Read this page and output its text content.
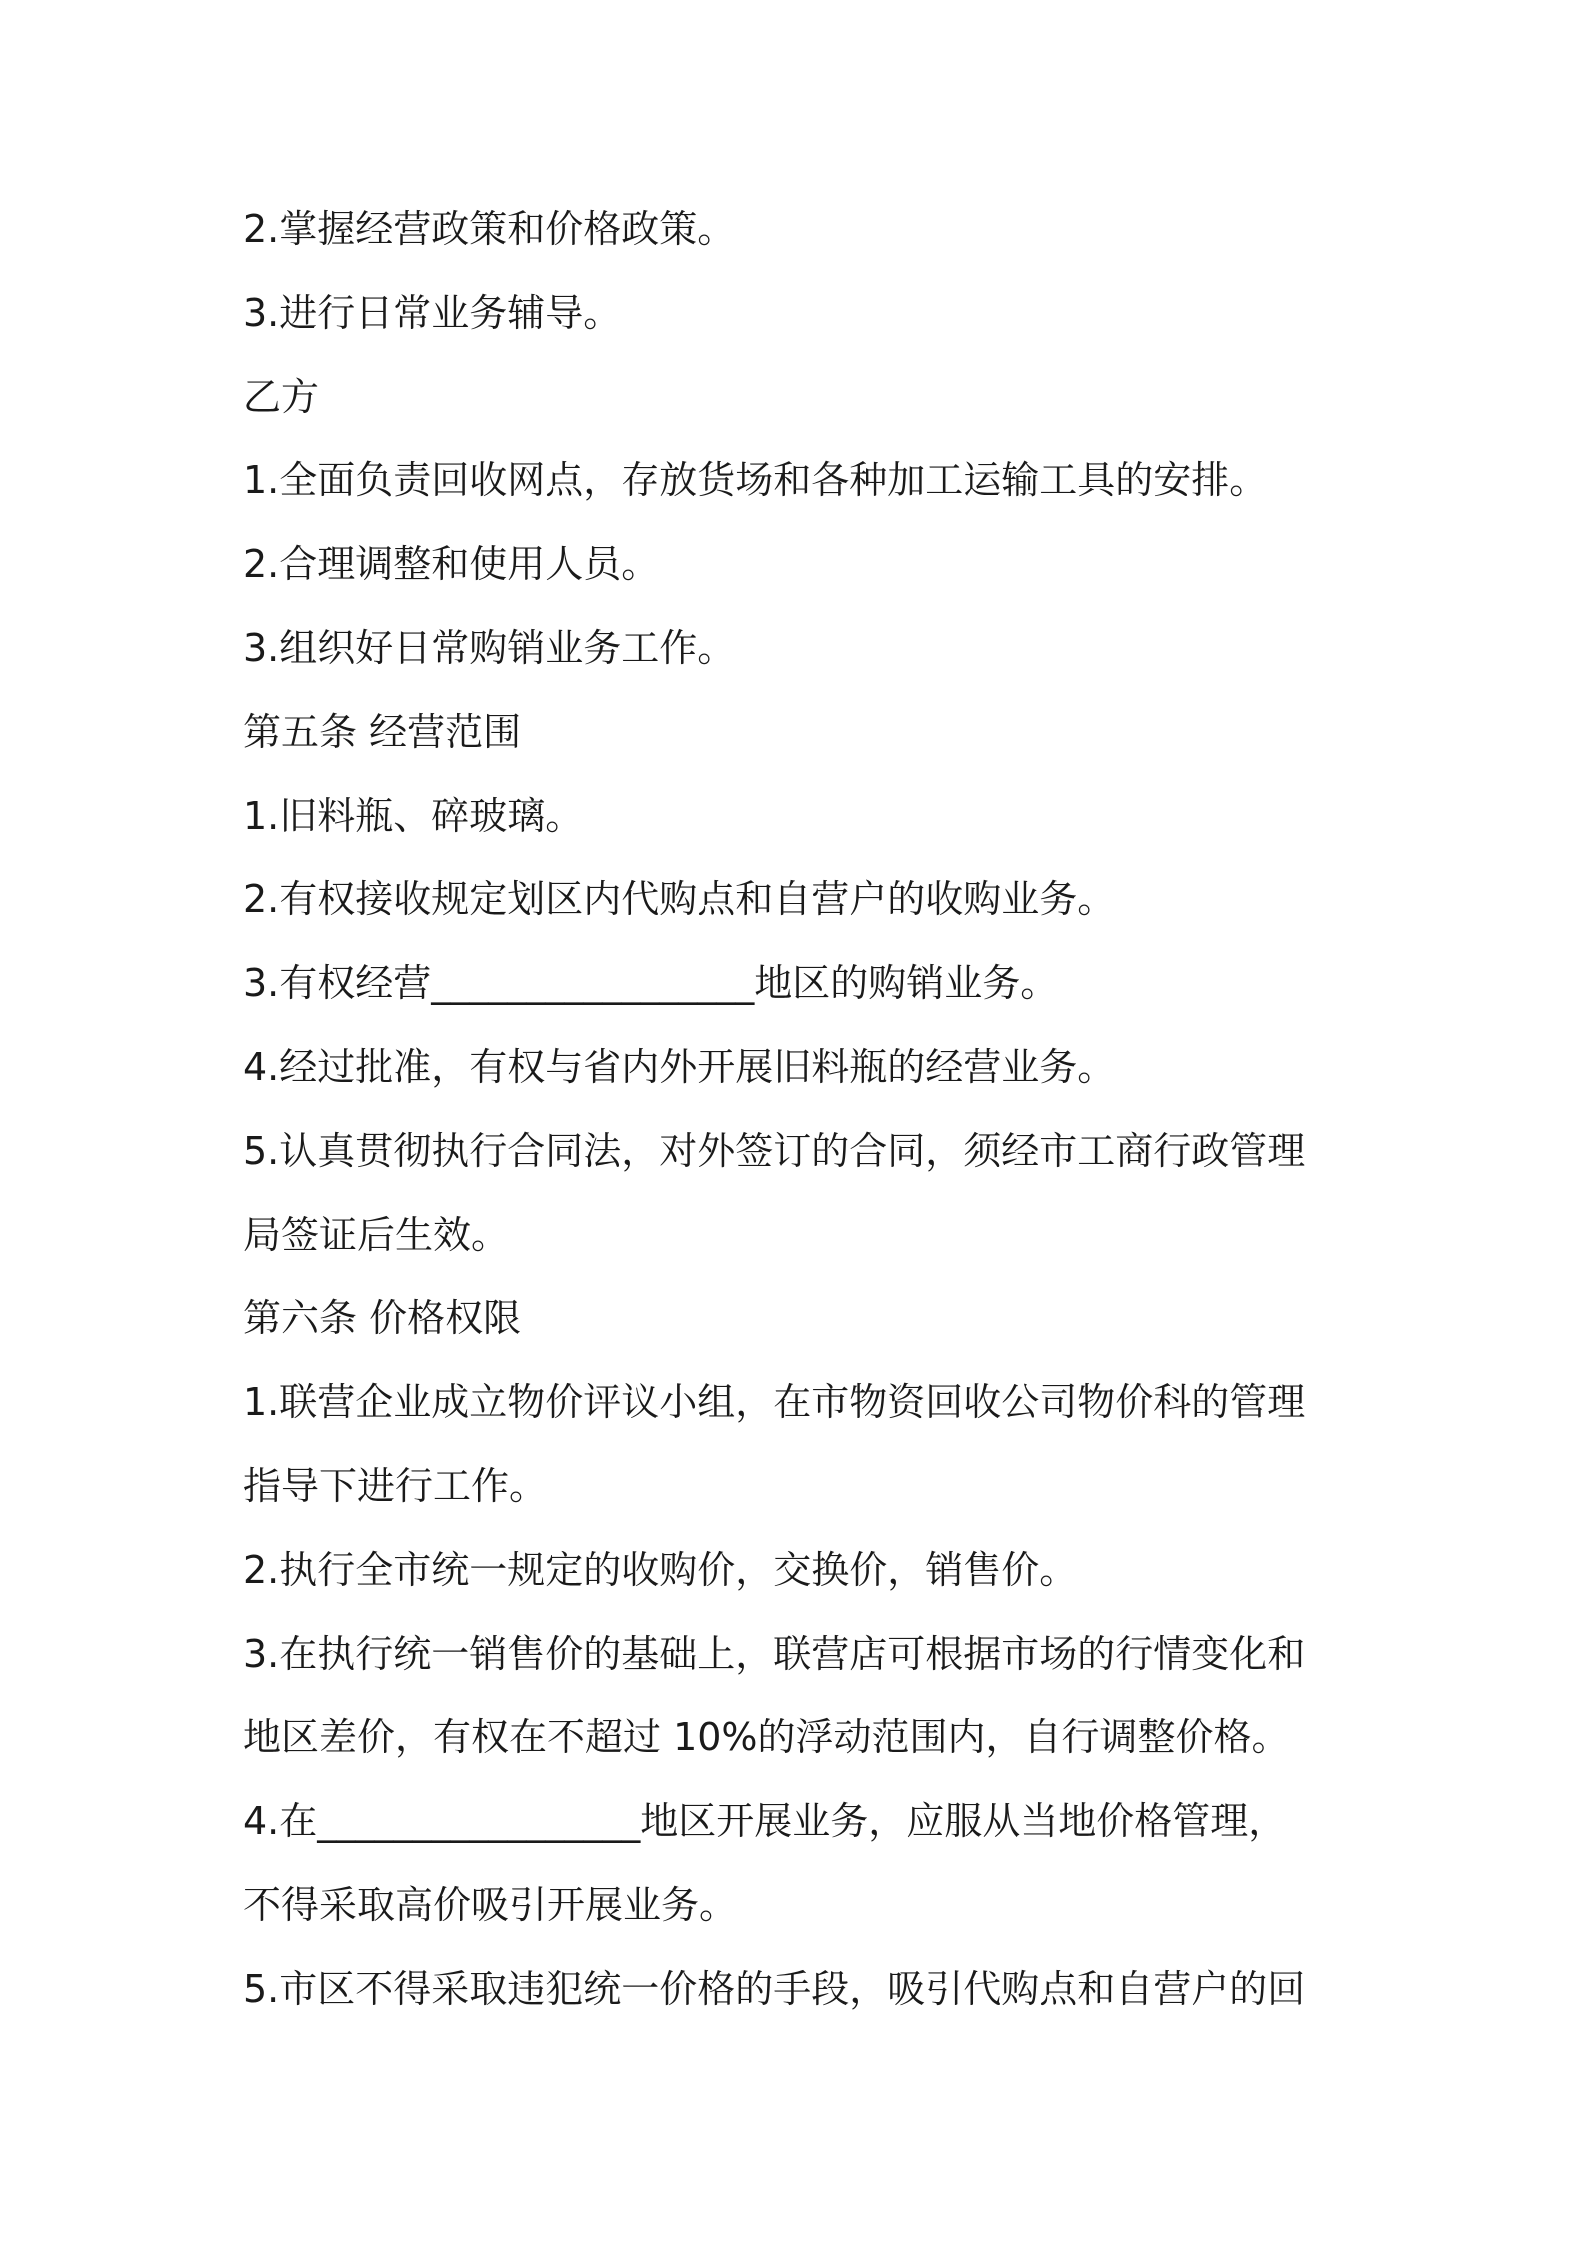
2.掌握经营政策和价格政策。

3.进行日常业务辅导。

乙方

1.全面负责回收网点，存放货场和各种加工运输工具的安排。

2.合理调整和使用人员。

3.组织好日常购销业务工作。

第五条 经营范围

1.旧料瓶、碎玻璃。

2.有权接收规定划区内代购点和自营户的收购业务。

3.有权经营_________________地区的购销业务。

4.经过批准，有权与省内外开展旧料瓶的经营业务。

5.认真贯彻执行合同法，对外签订的合同，须经市工商行政管理

局签证后生效。

第六条 价格权限

1.联营企业成立物价评议小组，在市物资回收公司物价科的管理

指导下进行工作。

2.执行全市统一规定的收购价，交换价，销售价。

3.在执行统一销售价的基础上，联营店可根据市场的行情变化和

地区差价，有权在不超过 10%的浮动范围内，自行调整价格。

4.在_________________地区开展业务，应服从当地价格管理，

不得采取高价吸引开展业务。

5.市区不得采取违犯统一价格的手段，吸引代购点和自营户的回
